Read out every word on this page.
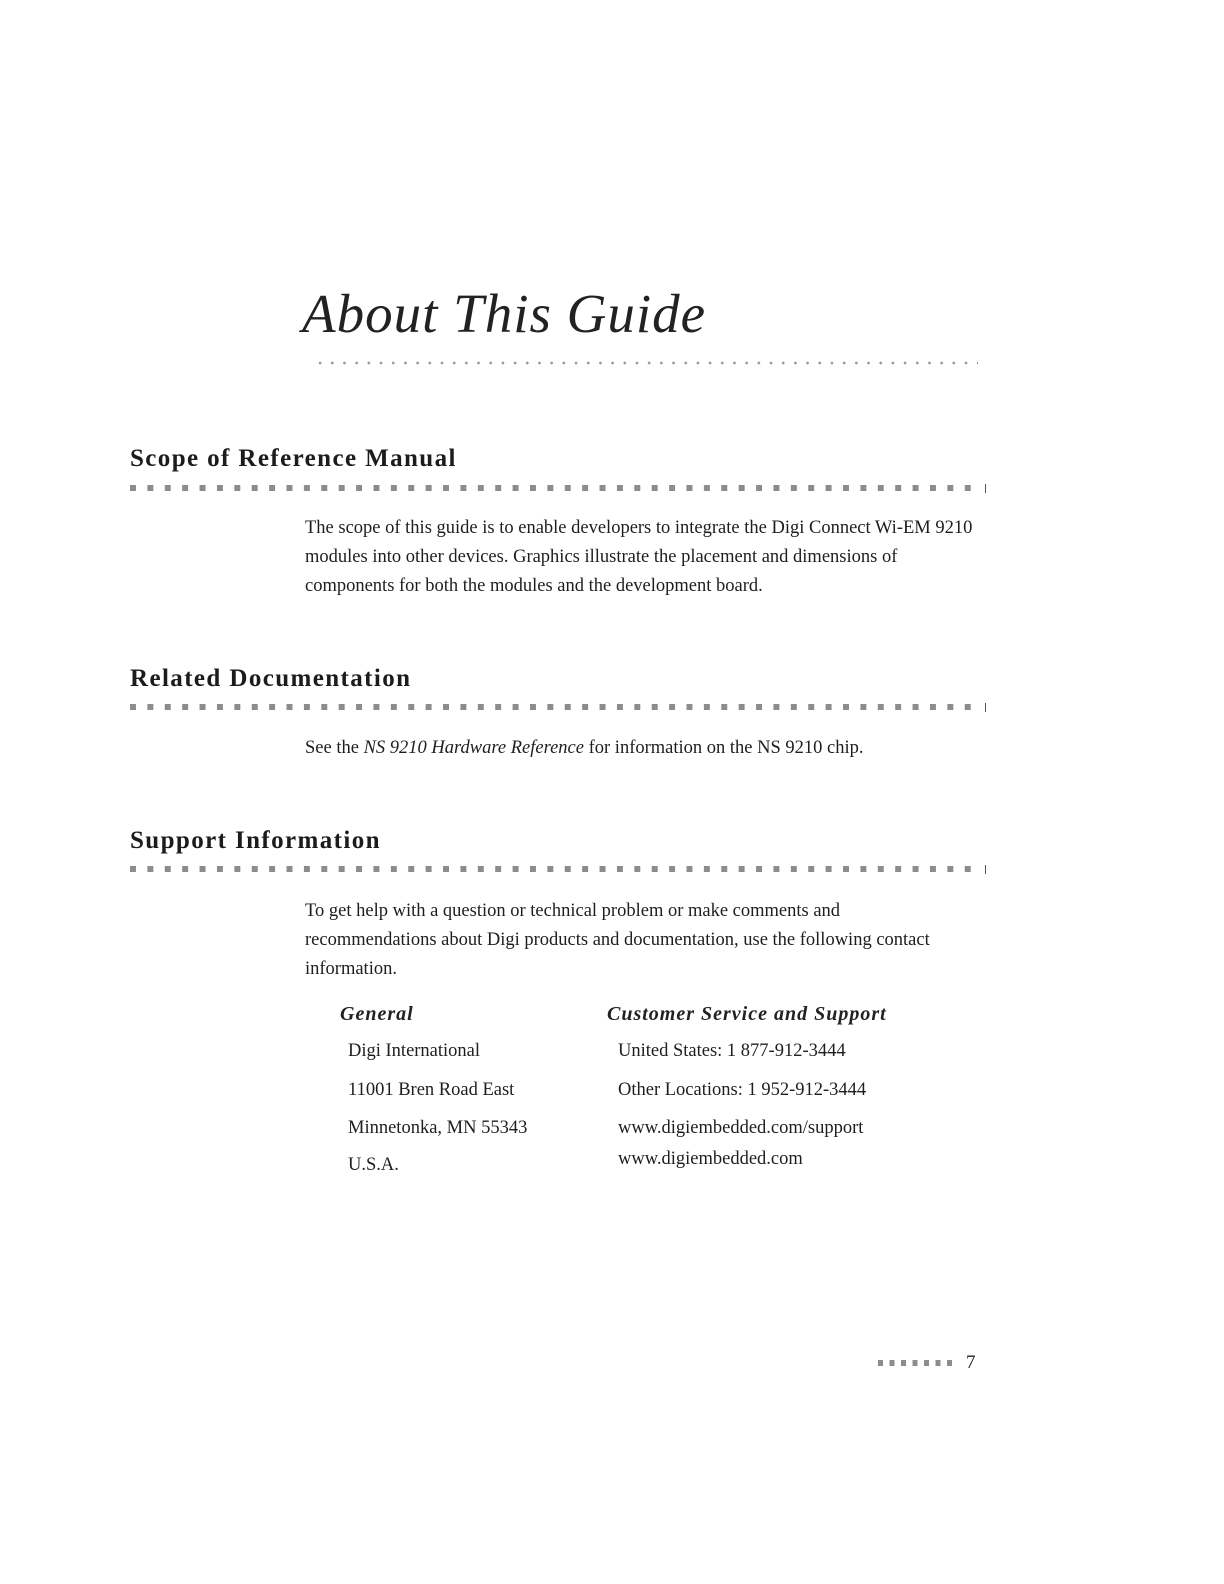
About This Guide
Scope of Reference Manual

The scope of this guide is to enable developers to integrate the Digi Connect Wi-EM 9210 modules into other devices. Graphics illustrate the placement and dimensions of components for both the modules and the development board.

Related Documentation

See the NS 9210 Hardware Reference for information on the NS 9210 chip.

Support Information

To get help with a question or technical problem or make comments and recommendations about Digi products and documentation, use the following contact information.

General

Digi International

11001 Bren Road East

Minnetonka, MN 55343

U.S.A.

Customer Service and Support

United States: 1 877-912-3444

Other Locations: 1 952-912-3444

www.digiembedded.com/support

www.digiembedded.com

7
